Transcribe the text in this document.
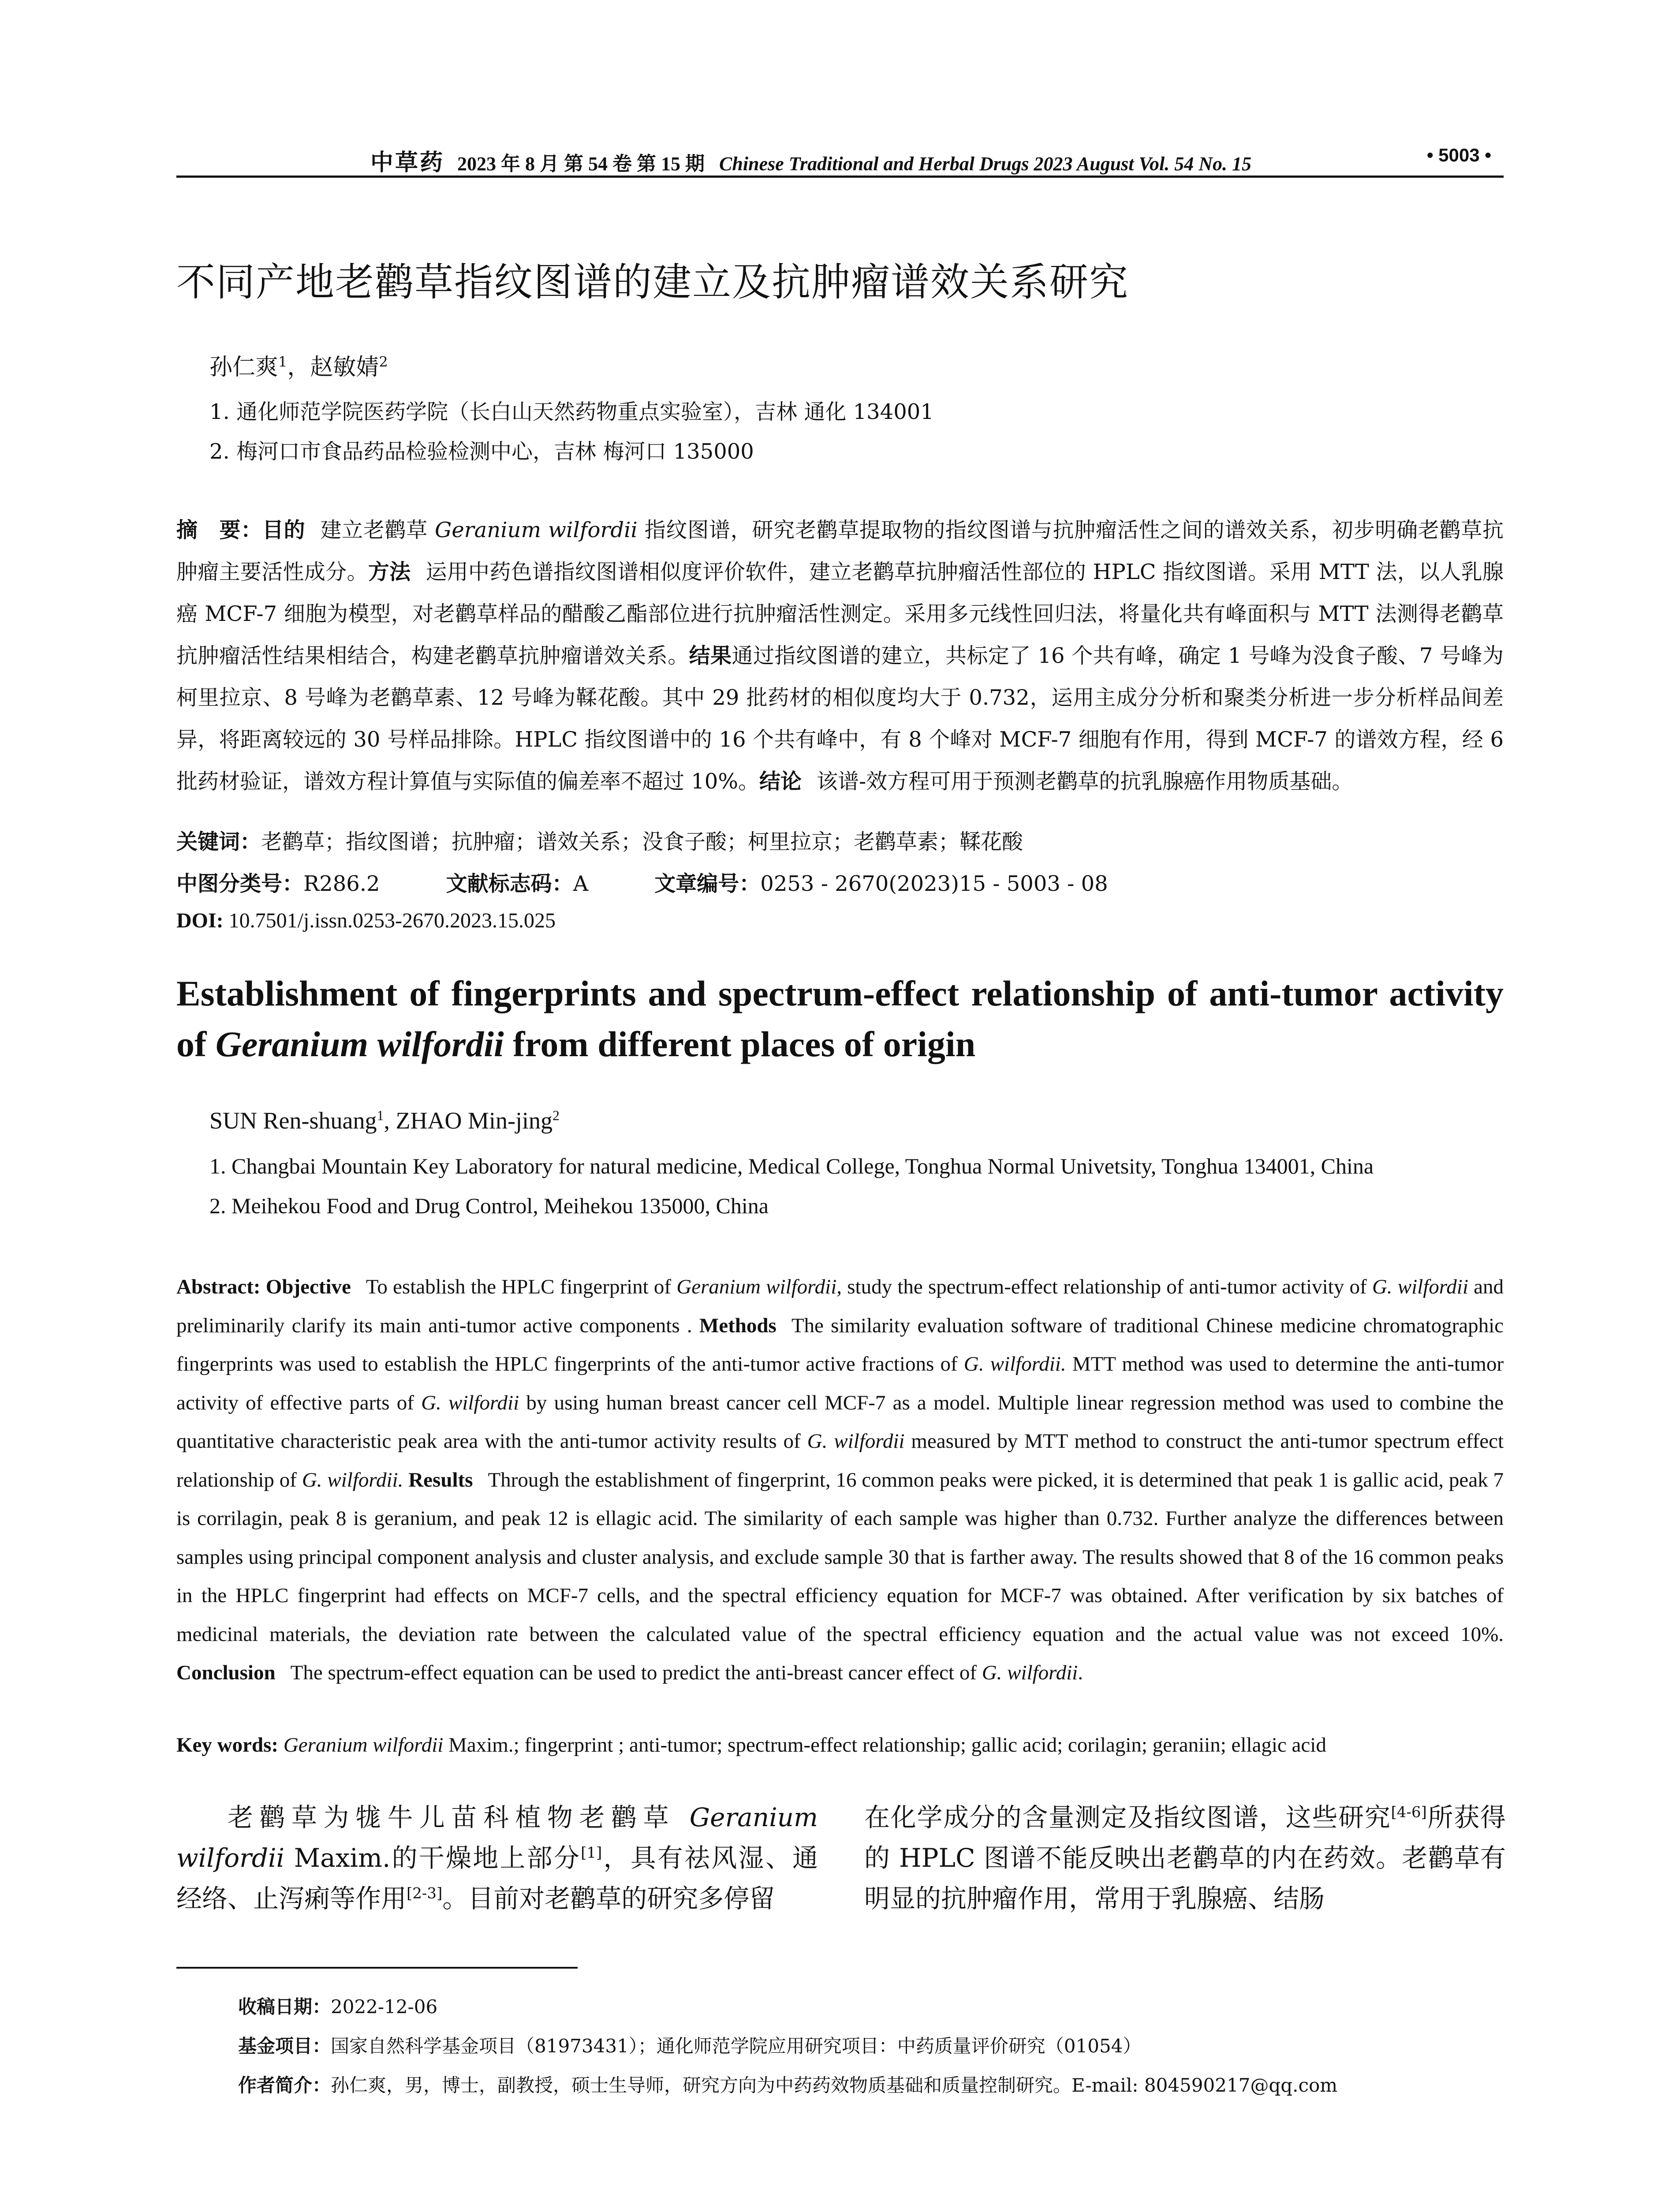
中草药 2023 年 8 月 第 54 卷 第 15 期 Chinese Traditional and Herbal Drugs 2023 August Vol. 54 No. 15	• 5003 •
不同产地老鹳草指纹图谱的建立及抗肿瘤谱效关系研究
孙仁爽$^1$，赵敏婧$^2$
1. 通化师范学院医药学院（长白山天然药物重点实验室），吉林 通化 134001
2. 梅河口市食品药品检验检测中心，吉林 梅河口 135000
摘　要：目的 建立老鹳草 Geranium wilfordii 指纹图谱，研究老鹳草提取物的指纹图谱与抗肿瘤活性之间的谱效关系，初步明确老鹳草抗肿瘤主要活性成分。方法 运用中药色谱指纹图谱相似度评价软件，建立老鹳草抗肿瘤活性部位的 HPLC 指纹图谱。采用 MTT 法，以人乳腺癌 MCF-7 细胞为模型，对老鹳草样品的醋酸乙酯部位进行抗肿瘤活性测定。采用多元线性回归法，将量化共有峰面积与 MTT 法测得老鹳草抗肿瘤活性结果相结合，构建老鹳草抗肿瘤谱效关系。结果通过指纹图谱的建立，共标定了 16 个共有峰，确定 1 号峰为没食子酸、7 号峰为柯里拉京、8 号峰为老鹳草素、12 号峰为鞣花酸。其中 29 批药材的相似度均大于 0.732，运用主成分分析和聚类分析进一步分析样品间差异，将距离较远的 30 号样品排除。HPLC 指纹图谱中的 16 个共有峰中，有 8 个峰对 MCF-7 细胞有作用，得到 MCF-7 的谱效方程，经 6 批药材验证，谱效方程计算值与实际值的偏差率不超过 10%。结论 该谱-效方程可用于预测老鹳草的抗乳腺癌作用物质基础。
关键词：老鹳草；指纹图谱；抗肿瘤；谱效关系；没食子酸；柯里拉京；老鹳草素；鞣花酸
中图分类号：R286.2	文献标志码：A	文章编号：0253 - 2670(2023)15 - 5003 - 08
DOI: 10.7501/j.issn.0253-2670.2023.15.025
Establishment of fingerprints and spectrum-effect relationship of anti-tumor activity of Geranium wilfordii from different places of origin
SUN Ren-shuang$^1$, ZHAO Min-jing$^2$
1. Changbai Mountain Key Laboratory for natural medicine, Medical College, Tonghua Normal Univetsity, Tonghua 134001, China
2. Meihekou Food and Drug Control, Meihekou 135000, China
Abstract: Objective To establish the HPLC fingerprint of Geranium wilfordii, study the spectrum-effect relationship of anti-tumor activity of G. wilfordii and preliminarily clarify its main anti-tumor active components . Methods The similarity evaluation software of traditional Chinese medicine chromatographic fingerprints was used to establish the HPLC fingerprints of the anti-tumor active fractions of G. wilfordii. MTT method was used to determine the anti-tumor activity of effective parts of G. wilfordii by using human breast cancer cell MCF-7 as a model. Multiple linear regression method was used to combine the quantitative characteristic peak area with the anti-tumor activity results of G. wilfordii measured by MTT method to construct the anti-tumor spectrum effect relationship of G. wilfordii. Results Through the establishment of fingerprint, 16 common peaks were picked, it is determined that peak 1 is gallic acid, peak 7 is corrilagin, peak 8 is geranium, and peak 12 is ellagic acid. The similarity of each sample was higher than 0.732. Further analyze the differences between samples using principal component analysis and cluster analysis, and exclude sample 30 that is farther away. The results showed that 8 of the 16 common peaks in the HPLC fingerprint had effects on MCF-7 cells, and the spectral efficiency equation for MCF-7 was obtained. After verification by six batches of medicinal materials, the deviation rate between the calculated value of the spectral efficiency equation and the actual value was not exceed 10%. Conclusion The spectrum-effect equation can be used to predict the anti-breast cancer effect of G. wilfordii.
Key words: Geranium wilfordii Maxim.; fingerprint ; anti-tumor; spectrum-effect relationship; gallic acid; corilagin; geraniin; ellagic acid
老鹳草为牻牛儿苗科植物老鹳草 Geranium wilfordii Maxim.的干燥地上部分[1]，具有祛风湿、通经络、止泻痢等作用[2-3]。目前对老鹳草的研究多停留
在化学成分的含量测定及指纹图谱，这些研究[4-6]所获得的 HPLC 图谱不能反映出老鹳草的内在药效。老鹳草有明显的抗肿瘤作用，常用于乳腺癌、结肠
收稿日期：2022-12-06
基金项目：国家自然科学基金项目（81973431）；通化师范学院应用研究项目：中药质量评价研究（01054）
作者简介：孙仁爽，男，博士，副教授，硕士生导师，研究方向为中药药效物质基础和质量控制研究。E-mail: 804590217@qq.com
